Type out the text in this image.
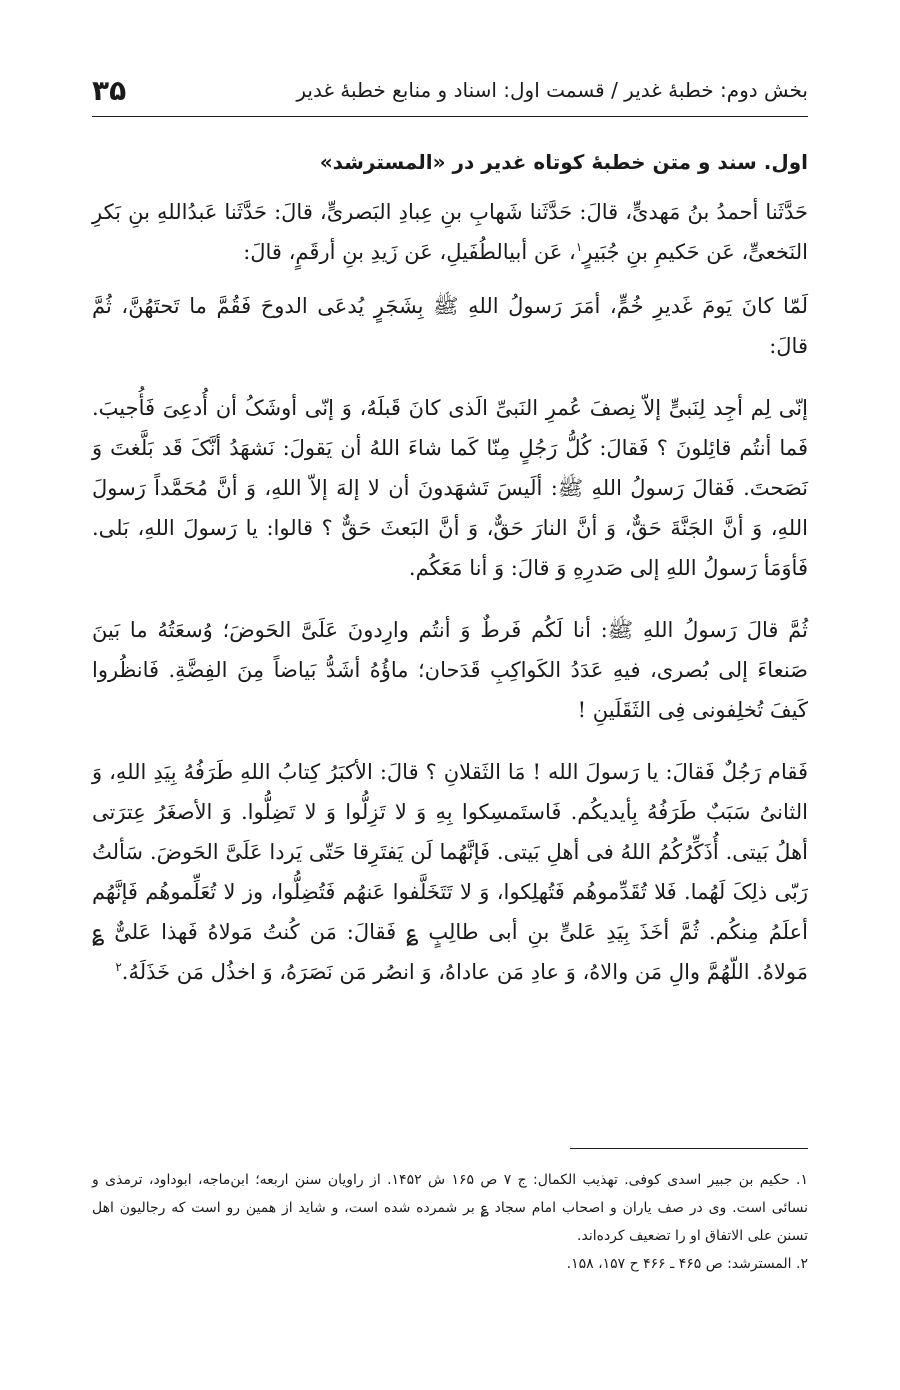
بخش دوم: خطبهٔ غدیر / قسمت اول: اسناد و منابع خطبهٔ غدیر
۳۵
اول. سند و متن خطبهٔ کوتاه غدیر در «المسترشد»

حَدَّثَنا أحمدُ بنُ مَهدیٍّ، قالَ: حَدَّثَنا شَهابِ بنِ عِبادِ البَصریٍّ، قالَ: حَدَّثَنا عَبدُاللهِ بنِ بَکرِ النَخعیٍّ، عَن حَکیمِ بنِ جُبَیرٍ$^۱$، عَن أبیالطُفَیلِ، عَن زَیدِ بنِ أرقَمٍ، قالَ:

لَمّا کانَ یَومَ غَدیرِ خُمٍّ، أمَرَ رَسولُ اللهِ ﷺ بِشَجَرٍ یُدعَی الدوحَ فَقُمَّ ما تَحتَهُنَّ، ثُمَّ قالَ:

إنّی لِم أجِد لِنَبیٍّ إلاّ نِصفَ عُمرِ النَبیِّ الَذی کانَ قَبلَهُ، وَ إنّی أوشَکُ أن أُدعِیَ فَأُجیبَ. فَما أنتُم قائِلونَ ؟ فَقالَ: کُلُّ رَجُلٍ مِنّا کَما شاءَ اللهُ أن یَقولَ: نَشهَدُ أنَّکَ قَد بَلَّغتَ وَ نَصَحتَ. فَقالَ رَسولُ اللهِ ﷺ: ألَیسَ تَشهَدونَ أن لا إلهَ إلاّ اللهِ، وَ أنَّ مُحَمَّداً رَسولَ اللهِ، وَ أنَّ الجَنَّةَ حَقٌّ، وَ أنَّ النارَ حَقٌّ، وَ أنَّ البَعثَ حَقٌّ ؟ قالوا: یا رَسولَ اللهِ، بَلی. فَأوَمَأ رَسولُ اللهِ إلی صَدرِهِ وَ قالَ: وَ أنا مَعَکُم.

ثُمَّ قالَ رَسولُ اللهِ ﷺ: أنا لَکُم فَرطٌ وَ أنتُم وارِدونَ عَلَیَّ الحَوضَ؛ وُسعَتُهُ ما بَینَ صَنعاءَ إلی بُصری، فیهِ عَدَدُ الکَواکِبِ قَدَحان؛ ماؤُهُ أشَدُّ بَیاضاً مِنَ الفِضَّةِ. فَانظُروا کَیفَ تُخلِفونی فِی الثَقَلَینِ !

فَقام رَجُلٌ فَقالَ: یا رَسولَ الله ! مَا الثَقلانِ ؟ قالَ: الأکبَرُ کِتابُ اللهِ طَرَفُهُ بِیَدِ اللهِ، وَ الثانیُ سَبَبٌ طَرَفُهُ بِأیدیکُم. فَاستَمسِکوا بِهِ وَ لا تَزِلُّوا وَ لا تَضِلُّوا. وَ الأصغَرُ عِترَتی أهلُ بَیتی. أُذَکِّرُکُمُ اللهُ فی أهلِ بَیتی. فَإنَّهُما لَن یَفتَرِقا حَتّی یَردا عَلَیَّ الحَوضَ. سَألتُ رَبّی ذلِکَ لَهُما. فَلا تُقَدِّموهُم فَتُهلِکوا، وَ لا تَتَخَلَّفوا عَنهُم فَتُضِلُّوا، وز لا تُعَلِّموهُم فَإنَّهُم أعلَمُ مِنکُم. ثُمَّ أخَذَ بِیَدِ عَلیٍّ بنِ أبی طالِبٍ ؏ فَقالَ: مَن کُنتُ مَولاهُ فَهذا عَلیٌّ ؏ مَولاهُ. اللّهُمَّ والِ مَن والاهُ، وَ عادِ مَن عاداهُ، وَ انصُر مَن نَصَرَهُ، وَ اخذُل مَن خَذَلَهُ.$^۲$

۱. حکیم بن جبیر اسدی کوفی. تهذیب الکمال: ج ۷ ص ۱۶۵ ش ۱۴۵۲. از راویان سنن اربعه؛ ابن‌ماجه، ابوداود، ترمذی و نسائی است. وی در صف یاران و اصحاب امام سجاد ؏ بر شمرده شده است، و شاید از همین رو است که رجالیون اهل تسنن علی الاتفاق او را تضعیف کرده‌اند.

۲. المسترشد: ص ۴۶۵ ـ ۴۶۶ ح ۱۵۷، ۱۵۸.
